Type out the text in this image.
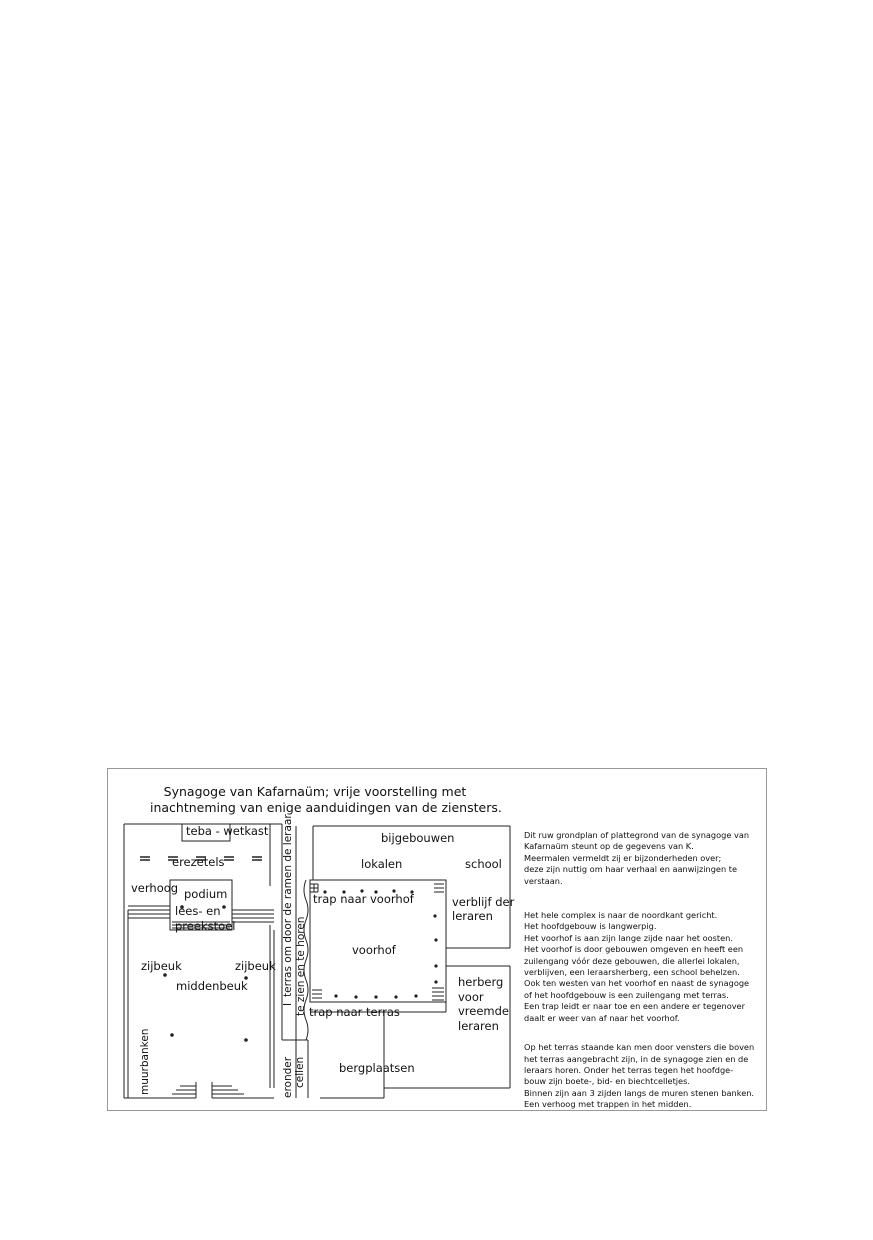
Synagoge van Kafarnaüm; vrije voorstelling met
inachtneming van enige aanduidingen van de ziensters.
teba - wetkast
erezetels
verhoog podium
lees- en
preekstoel
zijbeuk	zijbeuk
middenbeuk
muurbanken
I
terras om door de ramen de leraar te zien en te horen
eronder cellen
bijgebouwen
lokalen	school
trap naar voorhof	verblijf der
leraren
voorhof
trap naar terras
herberg
voor
vreemde
leraren
bergplaatsen

Dit ruw grondplan of plattegrond van de synagoge van
Kafarnaüm steunt op de gegevens van K.
Meermalen vermeldt zij er bijzonderheden over;
deze zijn nuttig om haar verhaal en aanwijzingen te
verstaan.

Het hele complex is naar de noordkant gericht.
Het hoofdgebouw is langwerpig.
Het voorhof is aan zijn lange zijde naar het oosten.
Het voorhof is door gebouwen omgeven en heeft een
zuilengang vóór deze gebouwen, die allerlei lokalen,
verblijven, een leraarsherberg, een school behelzen.
Ook ten westen van het voorhof en naast de synagoge
of het hoofdgebouw is een zuilengang met terras.
Een trap leidt er naar toe en een andere er tegenover
daalt er weer van af naar het voorhof.

Op het terras staande kan men door vensters die boven
het terras aangebracht zijn, in de synagoge zien en de
leraars horen. Onder het terras tegen het hoofdge-
bouw zijn boete-, bid- en biechtcelletjes.
Binnen zijn aan 3 zijden langs de muren stenen banken.
Een verhoog met trappen in het midden.
